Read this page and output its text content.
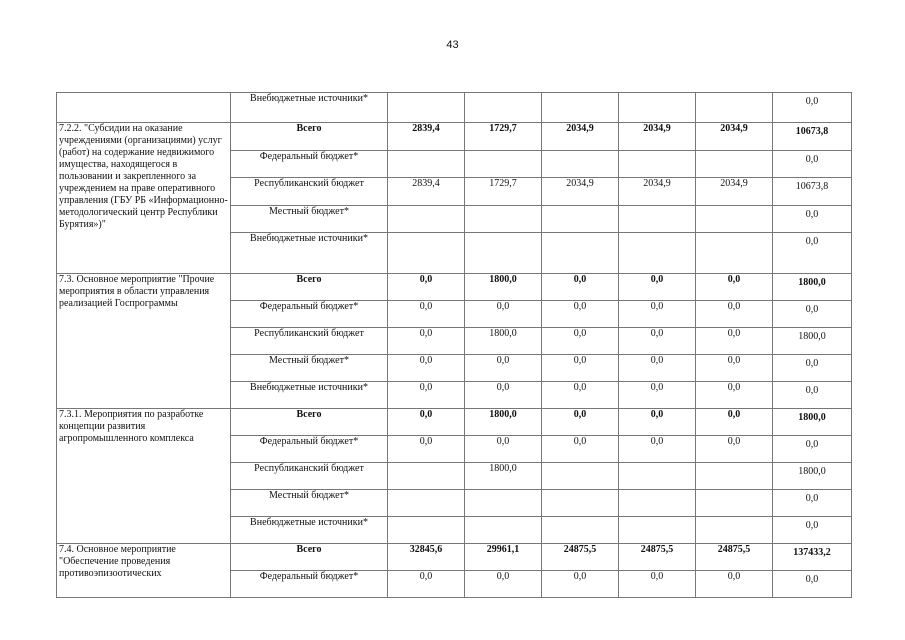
43
	Внебюджетные источники*						0,0
7.2.2. "Субсидии на оказание учреждениями (организациями) услуг (работ) на содержание недвижимого имущества, находящегося в пользовании и закрепленного за учреждением на праве оперативного управления (ГБУ РБ «Информационно-методологический центр Республики Бурятия»)"	Всего	2839,4	1729,7	2034,9	2034,9	2034,9	10673,8
	Федеральный бюджет*						0,0
	Республиканский бюджет	2839,4	1729,7	2034,9	2034,9	2034,9	10673,8
	Местный бюджет*						0,0
	Внебюджетные источники*						0,0
7.3. Основное мероприятие "Прочие мероприятия в области управления реализацией Госпрограммы	Всего	0,0	1800,0	0,0	0,0	0,0	1800,0
	Федеральный бюджет*	0,0	0,0	0,0	0,0	0,0	0,0
	Республиканский бюджет	0,0	1800,0	0,0	0,0	0,0	1800,0
	Местный бюджет*	0,0	0,0	0,0	0,0	0,0	0,0
	Внебюджетные источники*	0,0	0,0	0,0	0,0	0,0	0,0
7.3.1. Мероприятия по разработке концепции развития агропромышленного комплекса	Всего	0,0	1800,0	0,0	0,0	0,0	1800,0
	Федеральный бюджет*	0,0	0,0	0,0	0,0	0,0	0,0
	Республиканский бюджет		1800,0				1800,0
	Местный бюджет*						0,0
	Внебюджетные источники*						0,0
7.4. Основное мероприятие "Обеспечение проведения противоэпизоотических	Всего	32845,6	29961,1	24875,5	24875,5	24875,5	137433,2
	Федеральный бюджет*	0,0	0,0	0,0	0,0	0,0	0,0
